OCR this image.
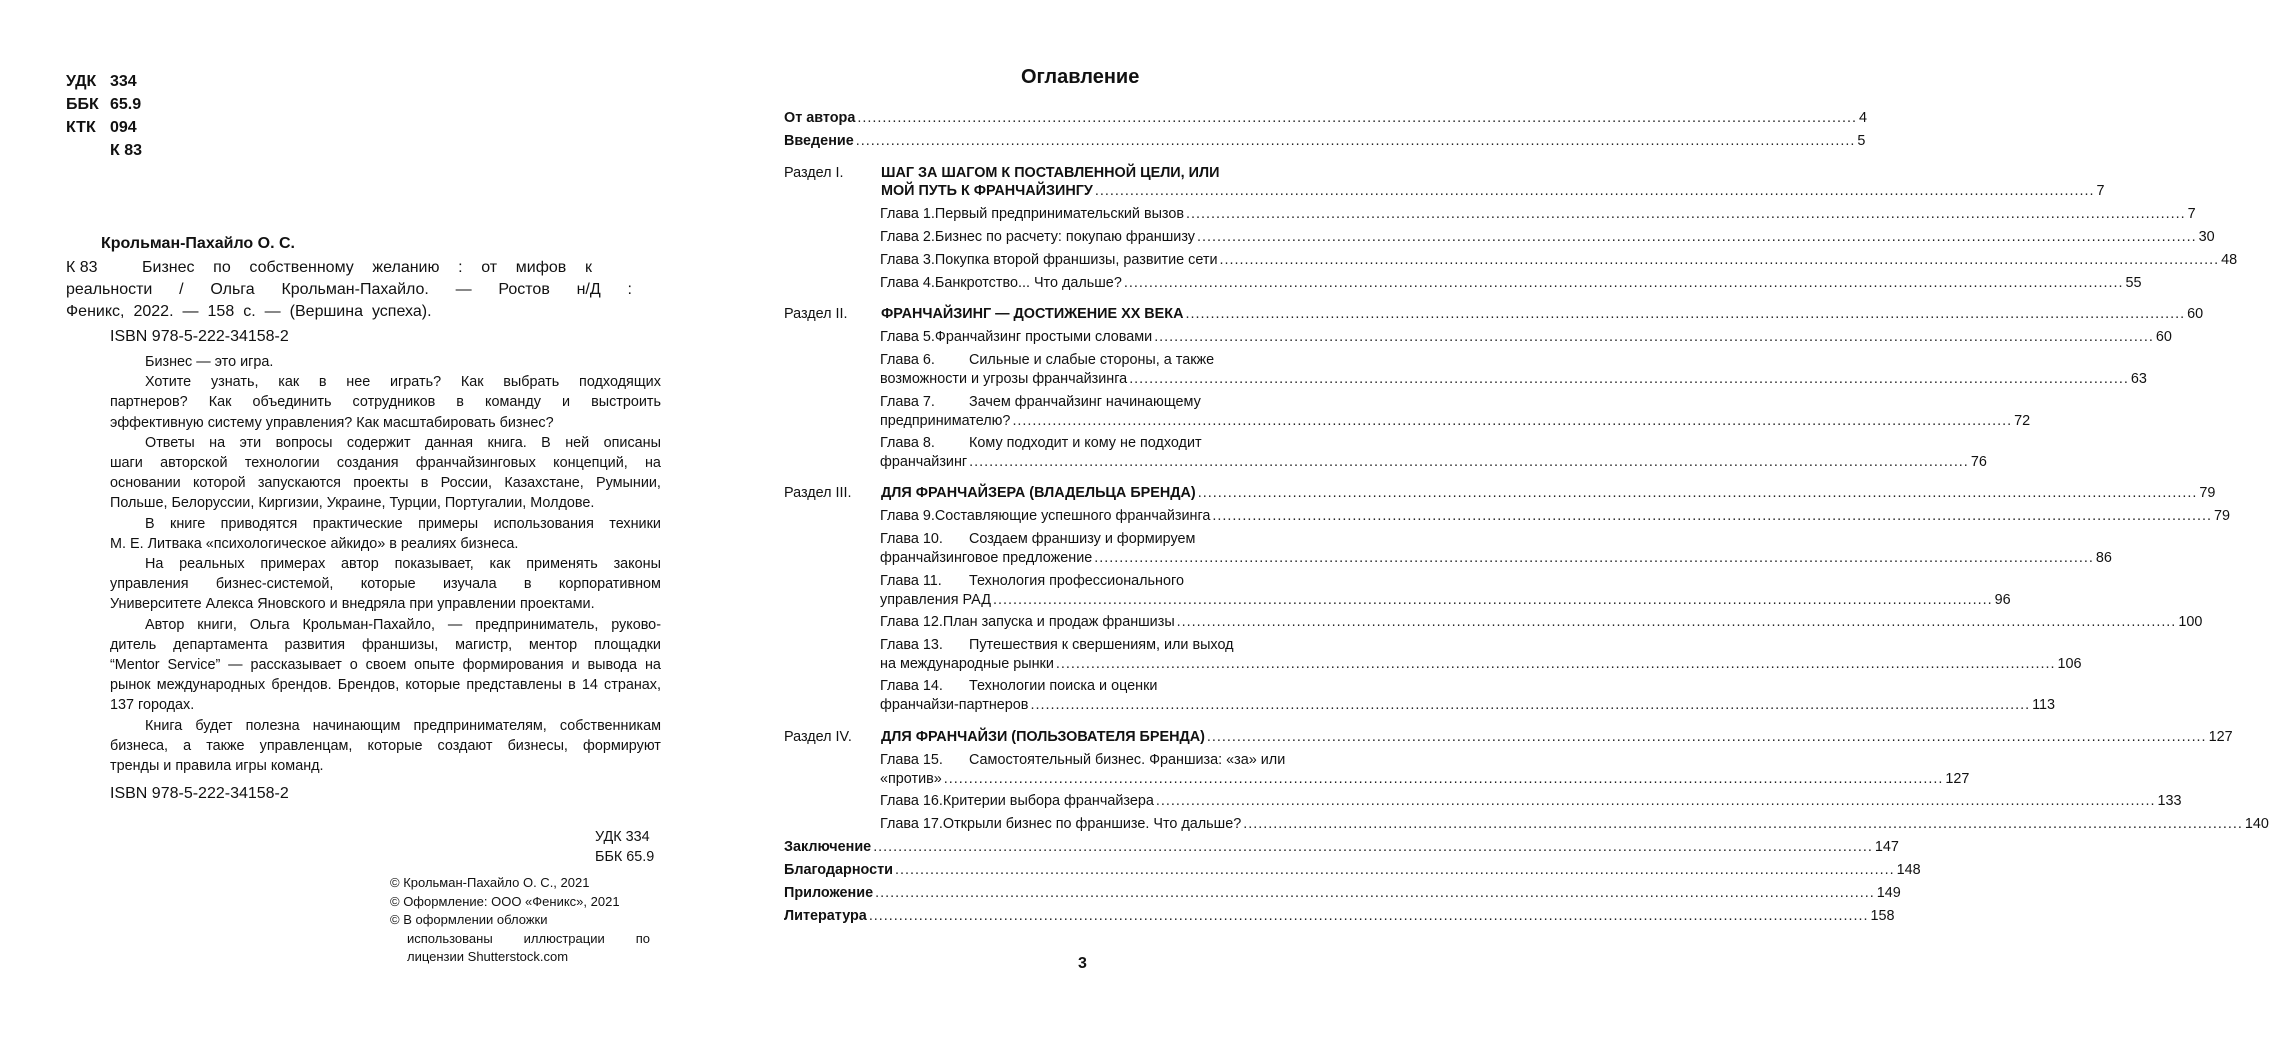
УДК 334
ББК 65.9
КТК 094
К 83
Крольман-Пахайло О. С.
К 83	Бизнес по собственному желанию : от мифов к
реальности / Ольга Крольман-Пахайло. — Ростов н/Д :
Феникс, 2022. — 158 с. — (Вершина успеха).
ISBN 978-5-222-34158-2
Бизнес — это игра.
Хотите узнать, как в нее играть? Как выбрать подходящих
партнеров? Как объединить сотрудников в команду и выстроить
эффективную систему управления? Как масштабировать бизнес?
Ответы на эти вопросы содержит данная книга. В ней описаны
шаги авторской технологии создания франчайзинговых концепций, на
основании которой запускаются проекты в России, Казахстане, Румынии,
Польше, Белоруссии, Киргизии, Украине, Турции, Португалии, Молдове.
В книге приводятся практические примеры использования техники
М. Е. Литвака «психологическое айкидо» в реалиях бизнеса.
На реальных примерах автор показывает, как применять законы
управления бизнес-системой, которые изучала в корпоративном
Университете Алекса Яновского и внедряла при управлении проектами.
Автор книги, Ольга Крольман-Пахайло, — предприниматель, руково-
дитель департамента развития франшизы, магистр, ментор площадки
“Mentor Service” — рассказывает о своем опыте формирования и вывода на
рынок международных брендов. Брендов, которые представлены в 14 странах,
137 городах.
Книга будет полезна начинающим предпринимателям, собственникам
бизнеса, а также управленцам, которые создают бизнесы, формируют
тренды и правила игры команд.
ISBN 978-5-222-34158-2
УДК 334
ББК 65.9
© Крольман-Пахайло О. С., 2021
© Оформление: ООО «Феникс», 2021
© В оформлении обложки
использованы иллюстрации по
лицензии Shutterstock.com
Оглавление
От автора ........................................................................................................................................................................................................ 4
Введение ........................................................................................................................................................................................................ 5
Раздел I.	ШАГ ЗА ШАГОМ К ПОСТАВЛЕННОЙ ЦЕЛИ, ИЛИ
МОЙ ПУТЬ К ФРАНЧАЙЗИНГУ ........................................................................................................................................................................................................ 7
Глава 1. Первый предпринимательский вызов ........................................................................................................................................................................................................ 7
Глава 2. Бизнес по расчету: покупаю франшизу ........................................................................................................................................................................................................ 30
Глава 3. Покупка второй франшизы, развитие сети ........................................................................................................................................................................................................ 48
Глава 4. Банкротство... Что дальше? ........................................................................................................................................................................................................ 55
Раздел II.	ФРАНЧАЙЗИНГ — ДОСТИЖЕНИЕ XX ВЕКА ........................................................................................................................................................................................................ 60
Глава 5. Франчайзинг простыми словами ........................................................................................................................................................................................................ 60
Глава 6.	Сильные и слабые стороны, а также
возможности и угрозы франчайзинга ........................................................................................................................................................................................................ 63
Глава 7.	Зачем франчайзинг начинающему
предпринимателю? ........................................................................................................................................................................................................ 72
Глава 8.	Кому подходит и кому не подходит
франчайзинг ........................................................................................................................................................................................................ 76
Раздел III.	ДЛЯ ФРАНЧАЙЗЕРА (ВЛАДЕЛЬЦА БРЕНДА) ........................................................................................................................................................................................................ 79
Глава 9. Составляющие успешного франчайзинга ........................................................................................................................................................................................................ 79
Глава 10.	Создаем франшизу и формируем
франчайзинговое предложение ........................................................................................................................................................................................................ 86
Глава 11.	Технология профессионального
управления РАД ........................................................................................................................................................................................................ 96
Глава 12. План запуска и продаж франшизы ........................................................................................................................................................................................................ 100
Глава 13.	Путешествия к свершениям, или выход
на международные рынки ........................................................................................................................................................................................................ 106
Глава 14.	Технологии поиска и оценки
франчайзи-партнеров ........................................................................................................................................................................................................ 113
Раздел IV.	ДЛЯ ФРАНЧАЙЗИ (ПОЛЬЗОВАТЕЛЯ БРЕНДА) ........................................................................................................................................................................................................ 127
Глава 15.	Самостоятельный бизнес. Франшиза: «за» или
«против» ........................................................................................................................................................................................................ 127
Глава 16. Критерии выбора франчайзера ........................................................................................................................................................................................................ 133
Глава 17. Открыли бизнес по франшизе. Что дальше? ........................................................................................................................................................................................................ 140
Заключение ........................................................................................................................................................................................................ 147
Благодарности ........................................................................................................................................................................................................ 148
Приложение ........................................................................................................................................................................................................ 149
Литература ........................................................................................................................................................................................................ 158
3
